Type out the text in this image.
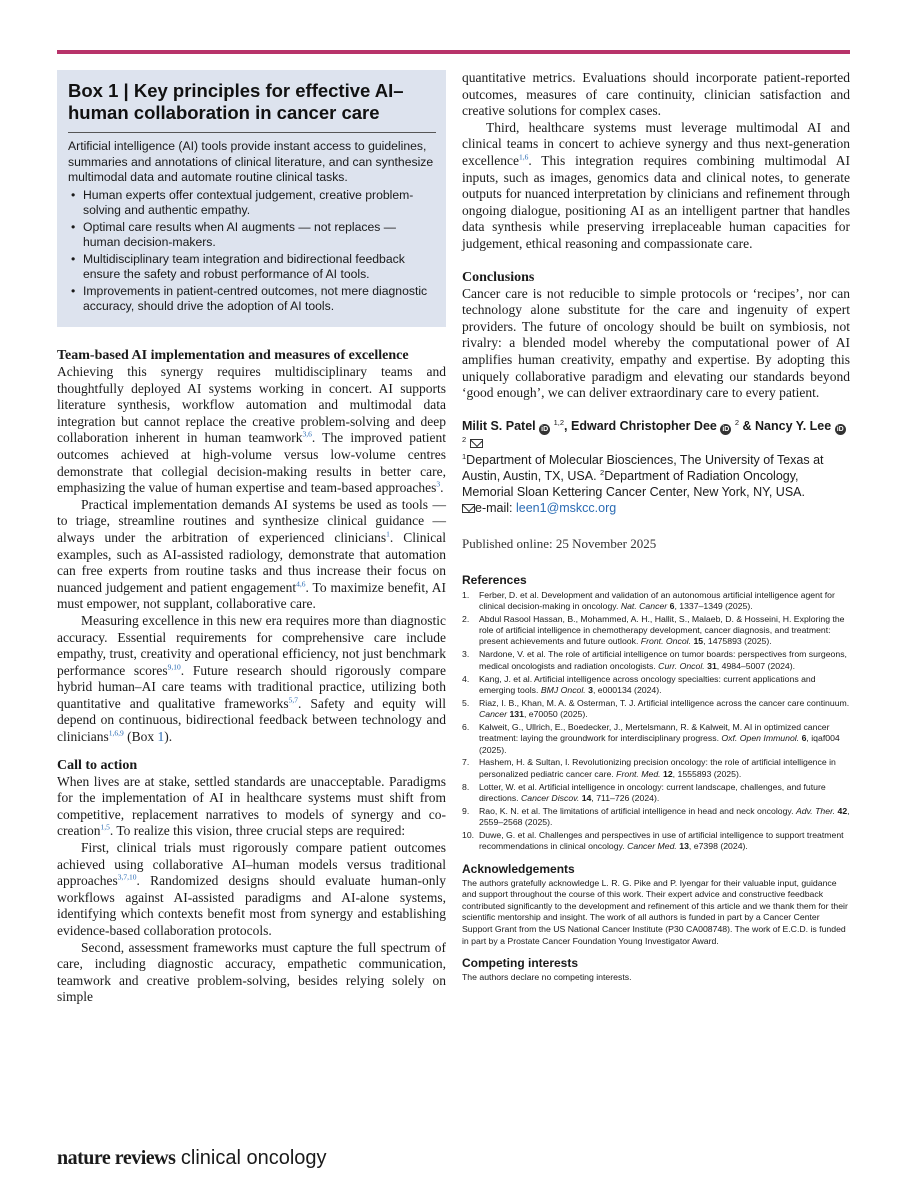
Box 1 | Key principles for effective AI–human collaboration in cancer care

Artificial intelligence (AI) tools provide instant access to guidelines, summaries and annotations of clinical literature, and can synthesize multimodal data and automate routine clinical tasks.

• Human experts offer contextual judgement, creative problem-solving and authentic empathy.
• Optimal care results when AI augments — not replaces — human decision-makers.
• Multidisciplinary team integration and bidirectional feedback ensure the safety and robust performance of AI tools.
• Improvements in patient-centred outcomes, not mere diagnostic accuracy, should drive the adoption of AI tools.
Team-based AI implementation and measures of excellence

Achieving this synergy requires multidisciplinary teams and thoughtfully deployed AI systems working in concert. AI supports literature synthesis, workflow automation and multimodal data integration but cannot replace the creative problem-solving and deep collaboration inherent in human teamwork$^{3,6}$. The improved patient outcomes achieved at high-volume versus low-volume centres demonstrate that collegial decision-making results in better care, emphasizing the value of human expertise and team-based approaches$^3$.

Practical implementation demands AI systems be used as tools — to triage, streamline routines and synthesize clinical guidance — always under the arbitration of experienced clinicians$^1$. Clinical examples, such as AI-assisted radiology, demonstrate that automation can free experts from routine tasks and thus increase their focus on nuanced judgement and patient engagement$^{4,6}$. To maximize benefit, AI must empower, not supplant, collaborative care.

Measuring excellence in this new era requires more than diagnostic accuracy. Essential requirements for comprehensive care include empathy, trust, creativity and operational efficiency, not just benchmark performance scores$^{9,10}$. Future research should rigorously compare hybrid human–AI care teams with traditional practice, utilizing both quantitative and qualitative frameworks$^{5,7}$. Safety and equity will depend on continuous, bidirectional feedback between technology and clinicians$^{1,6,9}$ (Box 1).

Call to action

When lives are at stake, settled standards are unacceptable. Paradigms for the implementation of AI in healthcare systems must shift from competitive, replacement narratives to models of synergy and co-creation$^{1,5}$. To realize this vision, three crucial steps are required:

First, clinical trials must rigorously compare patient outcomes achieved using collaborative AI–human models versus traditional approaches$^{3,7,10}$. Randomized designs should evaluate human-only workflows against AI-assisted paradigms and AI-alone systems, identifying which contexts benefit most from synergy and establishing evidence-based collaboration protocols.

Second, assessment frameworks must capture the full spectrum of care, including diagnostic accuracy, empathetic communication, teamwork and creative problem-solving, besides relying solely on simple

quantitative metrics. Evaluations should incorporate patient-reported outcomes, measures of care continuity, clinician satisfaction and creative solutions for complex cases.

Third, healthcare systems must leverage multimodal AI and clinical teams in concert to achieve synergy and thus next-generation excellence$^{1,6}$. This integration requires combining multimodal AI inputs, such as images, genomics data and clinical notes, to generate outputs for nuanced interpretation by clinicians and refinement through ongoing dialogue, positioning AI as an intelligent partner that handles data synthesis while preserving irreplaceable human capacities for judgement, ethical reasoning and compassionate care.

Conclusions

Cancer care is not reducible to simple protocols or ‘recipes’, nor can technology alone substitute for the care and ingenuity of expert providers. The future of oncology should be built on symbiosis, not rivalry: a blended model whereby the computational power of AI amplifies human creativity, empathy and expertise. By adopting this uniquely collaborative paradigm and elevating our standards beyond ‘good enough’, we can deliver extraordinary care to every patient.

Milit S. Patel iD $^{1,2}$, Edward Christopher Dee iD $^2$ & Nancy Y. Lee iD $^2$
$^1$Department of Molecular Biosciences, The University of Texas at Austin, Austin, TX, USA. $^2$Department of Radiation Oncology, Memorial Sloan Kettering Cancer Center, New York, NY, USA.
e-mail: leen1@mskcc.org
Published online: 25 November 2025
References
1. Ferber, D. et al. Development and validation of an autonomous artificial intelligence agent for clinical decision-making in oncology. Nat. Cancer 6, 1337–1349 (2025).
2. Abdul Rasool Hassan, B., Mohammed, A. H., Hallit, S., Malaeb, D. & Hosseini, H. Exploring the role of artificial intelligence in chemotherapy development, cancer diagnosis, and treatment: present achievements and future outlook. Front. Oncol. 15, 1475893 (2025).
3. Nardone, V. et al. The role of artificial intelligence on tumor boards: perspectives from surgeons, medical oncologists and radiation oncologists. Curr. Oncol. 31, 4984–5007 (2024).
4. Kang, J. et al. Artificial intelligence across oncology specialties: current applications and emerging tools. BMJ Oncol. 3, e000134 (2024).
5. Riaz, I. B., Khan, M. A. & Osterman, T. J. Artificial intelligence across the cancer care continuum. Cancer 131, e70050 (2025).
6. Kalweit, G., Ullrich, E., Boedecker, J., Mertelsmann, R. & Kalweit, M. AI in optimized cancer treatment: laying the groundwork for interdisciplinary progress. Oxf. Open Immunol. 6, iqaf004 (2025).
7. Hashem, H. & Sultan, I. Revolutionizing precision oncology: the role of artificial intelligence in personalized pediatric cancer care. Front. Med. 12, 1555893 (2025).
8. Lotter, W. et al. Artificial intelligence in oncology: current landscape, challenges, and future directions. Cancer Discov. 14, 711–726 (2024).
9. Rao, K. N. et al. The limitations of artificial intelligence in head and neck oncology. Adv. Ther. 42, 2559–2568 (2025).
10. Duwe, G. et al. Challenges and perspectives in use of artificial intelligence to support treatment recommendations in clinical oncology. Cancer Med. 13, e7398 (2024).
Acknowledgements

The authors gratefully acknowledge L. R. G. Pike and P. Iyengar for their valuable input, guidance and support throughout the course of this work. Their expert advice and constructive feedback contributed significantly to the development and refinement of this article and we thank them for their scientific mentorship and insight. The work of all authors is funded in part by a Cancer Center Support Grant from the US National Cancer Institute (P30 CA008748). The work of E.C.D. is funded in part by a Prostate Cancer Foundation Young Investigator Award.

Competing interests

The authors declare no competing interests.

nature reviews clinical oncology
